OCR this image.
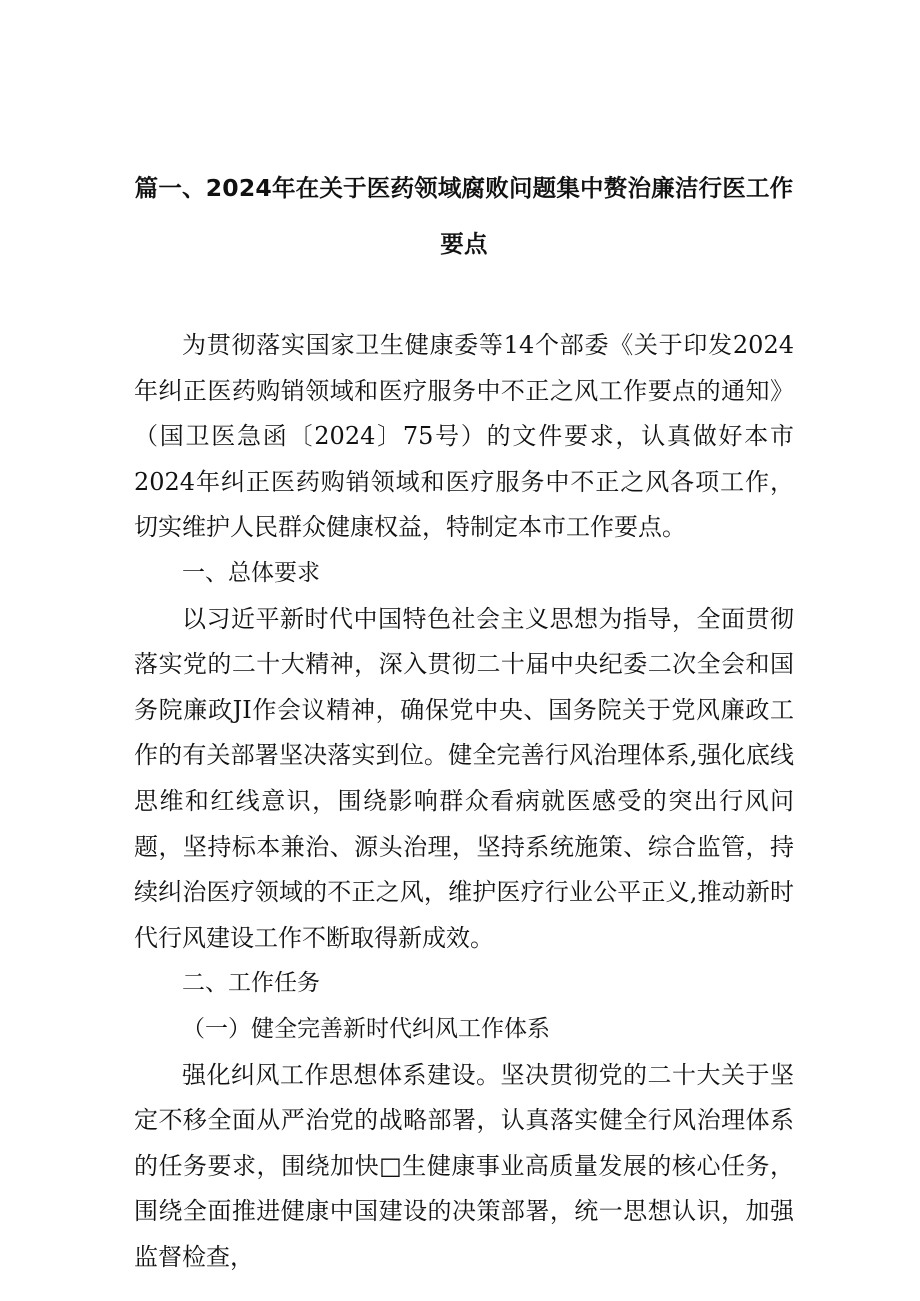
篇一、2024年在关于医药领域腐败问题集中赘治廉洁行医工作要点

为贯彻落实国家卫生健康委等14个部委《关于印发2024年纠正医药购销领域和医疗服务中不正之风工作要点的通知》（国卫医急函〔2024〕75号）的文件要求，认真做好本市2024年纠正医药购销领域和医疗服务中不正之风各项工作，切实维护人民群众健康权益，特制定本市工作要点。

一、总体要求

以习近平新时代中国特色社会主义思想为指导，全面贯彻落实党的二十大精神，深入贯彻二十届中央纪委二次全会和国务院廉政JI作会议精神，确保党中央、国务院关于党风廉政工作的有关部署坚决落实到位。健全完善行风治理体系,强化底线思维和红线意识，围绕影响群众看病就医感受的突出行风问题，坚持标本兼治、源头治理，坚持系统施策、综合监管，持续纠治医疗领域的不正之风，维护医疗行业公平正义,推动新时代行风建设工作不断取得新成效。

二、工作任务

（一）健全完善新时代纠风工作体系

强化纠风工作思想体系建设。坚决贯彻党的二十大关于坚定不移全面从严治党的战略部署，认真落实健全行风治理体系的任务要求，围绕加快□生健康事业高质量发展的核心任务，围绕全面推进健康中国建设的决策部署，统一思想认识，加强监督检查，
